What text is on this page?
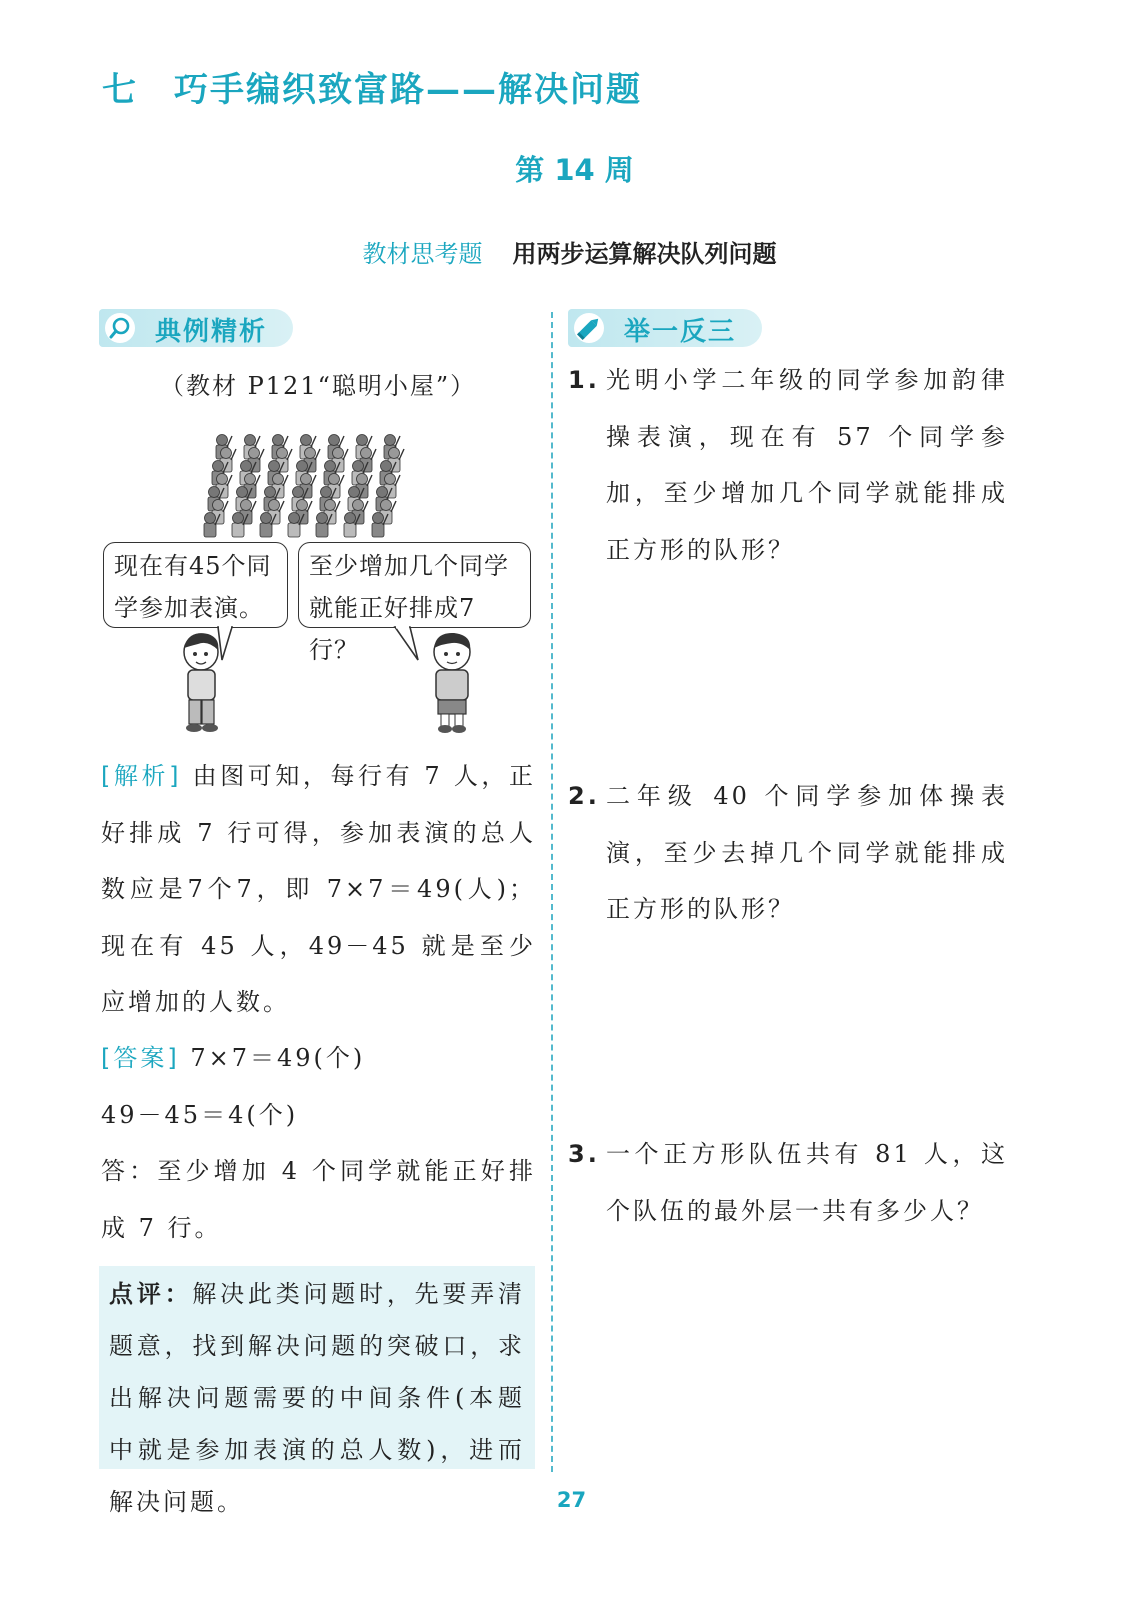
七 巧手编织致富路——解决问题
第 14 周
教材思考题 用两步运算解决队列问题
典例精析
（教材 P121“聪明小屋”）
现在有45个同学参加表演。
至少增加几个同学就能正好排成7行？
[解析] 由图可知，每行有 7 人，正好排成 7 行可得，参加表演的总人数应是7个7，即 7×7＝49(人)；现在有 45 人，49－45 就是至少应增加的人数。
[答案] 7×7＝49(个)
49－45＝4(个)
答：至少增加 4 个同学就能正好排成 7 行。
点评：解决此类问题时，先要弄清题意，找到解决问题的突破口，求出解决问题需要的中间条件(本题中就是参加表演的总人数)，进而解决问题。
举一反三
1. 光明小学二年级的同学参加韵律操表演，现在有 57 个同学参加，至少增加几个同学就能排成正方形的队形？
2. 二年级 40 个同学参加体操表演，至少去掉几个同学就能排成正方形的队形？
3. 一个正方形队伍共有 81 人，这个队伍的最外层一共有多少人？
27
